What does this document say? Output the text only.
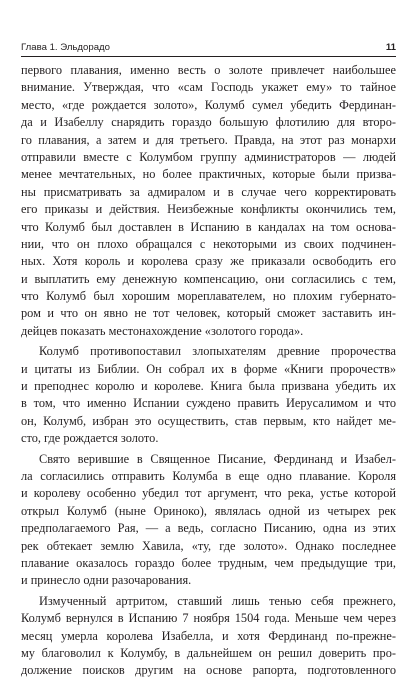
Глава 1. Эльдорадо	11
первого плавания, именно весть о золоте привлечет наибольшее
внимание. Утверждая, что «сам Господь укажет ему» то тайное
место, «где рождается золото», Колумб сумел убедить Фердинан-
да и Изабеллу снарядить гораздо большую флотилию для второ-
го плавания, а затем и для третьего. Правда, на этот раз монархи
отправили вместе с Колумбом группу администраторов — людей
менее мечтательных, но более практичных, которые были призва-
ны присматривать за адмиралом и в случае чего корректировать
его приказы и действия. Неизбежные конфликты окончились тем,
что Колумб был доставлен в Испанию в кандалах на том основа-
нии, что он плохо обращался с некоторыми из своих подчинен-
ных. Хотя король и королева сразу же приказали освободить его
и выплатить ему денежную компенсацию, они согласились с тем,
что Колумб был хорошим мореплавателем, но плохим губернато-
ром и что он явно не тот человек, который сможет заставить ин-
дейцев показать местонахождение «золотого города».
Колумб противопоставил злопыхателям древние пророчества
и цитаты из Библии. Он собрал их в форме «Книги пророчеств»
и преподнес королю и королеве. Книга была призвана убедить их
в том, что именно Испании суждено править Иерусалимом и что
он, Колумб, избран это осуществить, став первым, кто найдет ме-
сто, где рождается золото.
Свято верившие в Священное Писание, Фердинанд и Изабел-
ла согласились отправить Колумба в еще одно плавание. Короля
и королеву особенно убедил тот аргумент, что река, устье которой
открыл Колумб (ныне Ориноко), являлась одной из четырех рек
предполагаемого Рая, — а ведь, согласно Писанию, одна из этих
рек обтекает землю Хавила, «ту, где золото». Однако последнее
плавание оказалось гораздо более трудным, чем предыдущие три,
и принесло одни разочарования.
Измученный артритом, ставший лишь тенью себя прежнего,
Колумб вернулся в Испанию 7 ноября 1504 года. Меньше чем через
месяц умерла королева Изабелла, и хотя Фердинанд по-прежне-
му благоволил к Колумбу, в дальнейшем он решил доверить про-
должение поисков другим на основе рапорта, подготовленного
